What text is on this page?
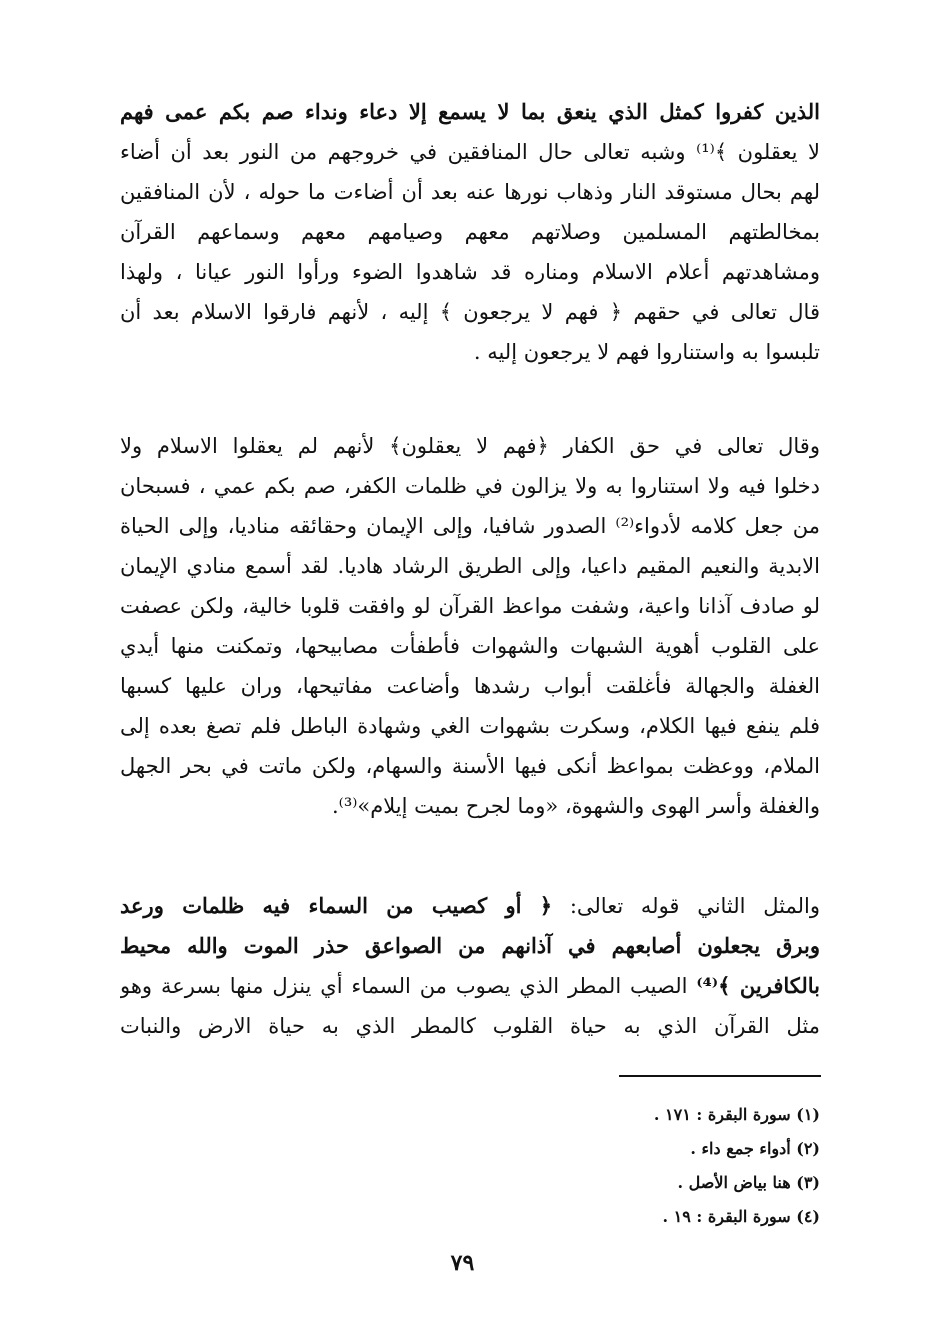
الذين كفروا كمثل الذي ينعق بما لا يسمع إلا دعاء ونداء صم بكم عمى فهم
لا يعقلون ﴾⁽¹⁾ وشبه تعالى حال المنافقين في خروجهم من النور بعد أن أضاء
لهم بحال مستوقد النار وذهاب نورها عنه بعد أن أضاءت ما حوله ، لأن المنافقين
بمخالطتهم المسلمين وصلاتهم معهم وصيامهم معهم وسماعهم القرآن
ومشاهدتهم أعلام الاسلام ومناره قد شاهدوا الضوء ورأوا النور عيانا ، ولهذا
قال تعالى في حقهم ﴿ فهم لا يرجعون ﴾ إليه ، لأنهم فارقوا الاسلام بعد أن
تلبسوا به واستناروا فهم لا يرجعون إليه .
وقال تعالى في حق الكفار ﴿فهم لا يعقلون﴾ لأنهم لم يعقلوا الاسلام ولا
دخلوا فيه ولا استناروا به ولا يزالون في ظلمات الكفر، صم بكم عمي ، فسبحان
من جعل كلامه لأدواء⁽²⁾ الصدور شافيا، وإلى الإيمان وحقائقه مناديا، وإلى الحياة
الابدية والنعيم المقيم داعيا، وإلى الطريق الرشاد هاديا. لقد أسمع منادي الإيمان
لو صادف آذانا واعية، وشفت مواعظ القرآن لو وافقت قلوبا خالية، ولكن عصفت
على القلوب أهوية الشبهات والشهوات فأطفأت مصابيحها، وتمكنت منها أيدي
الغفلة والجهالة فأغلقت أبواب رشدها وأضاعت مفاتيحها، وران عليها كسبها
فلم ينفع فيها الكلام، وسكرت بشهوات الغي وشهادة الباطل فلم تصغ بعده إلى
الملام، ووعظت بمواعظ أنكى فيها الأسنة والسهام، ولكن ماتت في بحر الجهل
والغفلة وأسر الهوى والشهوة، «وما لجرح بميت إيلام»⁽³⁾.
والمثل الثاني قوله تعالى: ﴿ أو كصيب من السماء فيه ظلمات ورعد
وبرق يجعلون أصابعهم في آذانهم من الصواعق حذر الموت والله محيط
بالكافرين ﴾⁽⁴⁾ الصيب المطر الذي يصوب من السماء أي ينزل منها بسرعة وهو
مثل القرآن الذي به حياة القلوب كالمطر الذي به حياة الارض والنبات
(١) سورة البقرة : ١٧١ .
(٢) أدواء جمع داء .
(٣) هنا بياض الأصل .
(٤) سورة البقرة : ١٩ .
٧٩
